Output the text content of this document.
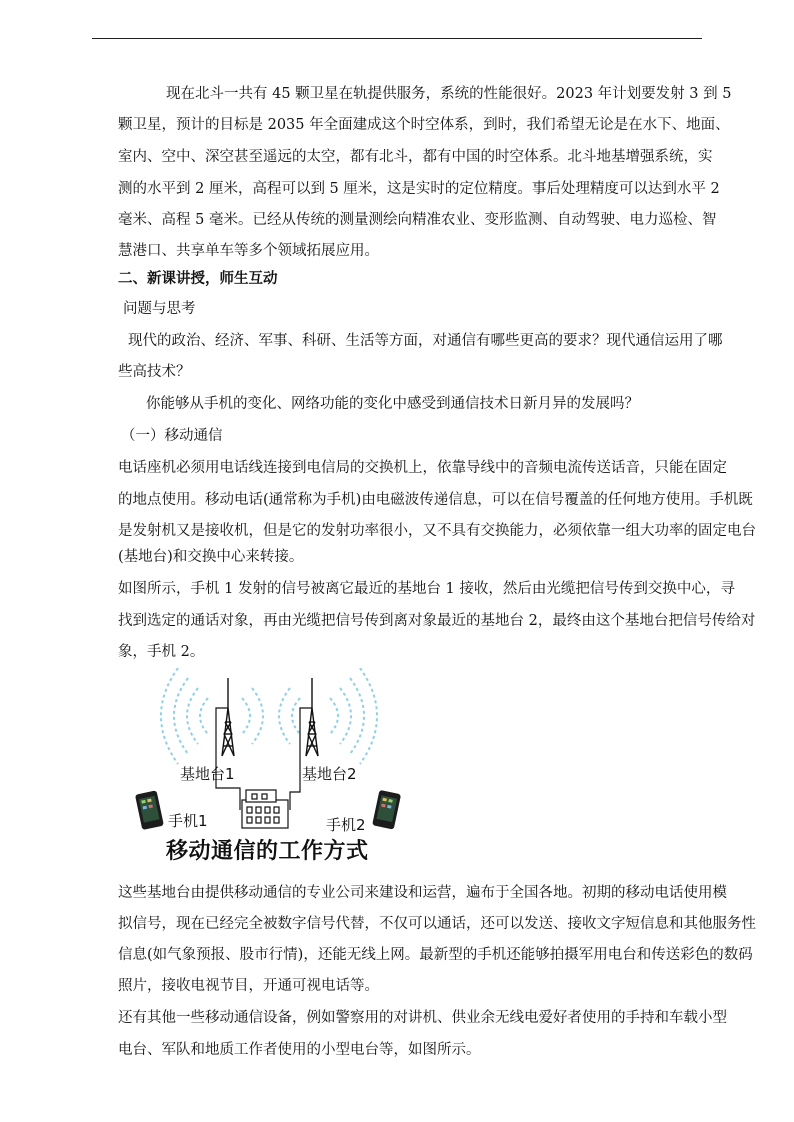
现在北斗一共有 45 颗卫星在轨提供服务，系统的性能很好。2023 年计划要发射 3 到 5
颗卫星，预计的目标是 2035 年全面建成这个时空体系，到时，我们希望无论是在水下、地面、
室内、空中、深空甚至遥远的太空，都有北斗，都有中国的时空体系。北斗地基增强系统，实
测的水平到 2 厘米，高程可以到 5 厘米，这是实时的定位精度。事后处理精度可以达到水平 2
毫米、高程 5 毫米。已经从传统的测量测绘向精准农业、变形监测、自动驾驶、电力巡检、智
慧港口、共享单车等多个领域拓展应用。
二、新课讲授，师生互动
问题与思考
现代的政治、经济、军事、科研、生活等方面，对通信有哪些更高的要求？现代通信运用了哪
些高技术？
你能够从手机的变化、网络功能的变化中感受到通信技术日新月异的发展吗？
（一）移动通信
电话座机必须用电话线连接到电信局的交换机上，依靠导线中的音频电流传送话音，只能在固定
的地点使用。移动电话(通常称为手机)由电磁波传递信息，可以在信号覆盖的任何地方使用。手机既
是发射机又是接收机，但是它的发射功率很小，又不具有交换能力，必须依靠一组大功率的固定电台
(基地台)和交换中心来转接。
如图所示，手机 1 发射的信号被离它最近的基地台 1 接收，然后由光缆把信号传到交换中心，寻
找到选定的通话对象，再由光缆把信号传到离对象最近的基地台 2，最终由这个基地台把信号传给对
象，手机 2。
基地台1	基地台2
手机1	手机2
移动通信的工作方式
这些基地台由提供移动通信的专业公司来建设和运营，遍布于全国各地。初期的移动电话使用模
拟信号，现在已经完全被数字信号代替，不仅可以通话，还可以发送、接收文字短信息和其他服务性
信息(如气象预报、股市行情)，还能无线上网。最新型的手机还能够拍摄军用电台和传送彩色的数码
照片，接收电视节目，开通可视电话等。
还有其他一些移动通信设备，例如警察用的对讲机、供业余无线电爱好者使用的手持和车载小型
电台、军队和地质工作者使用的小型电台等，如图所示。
